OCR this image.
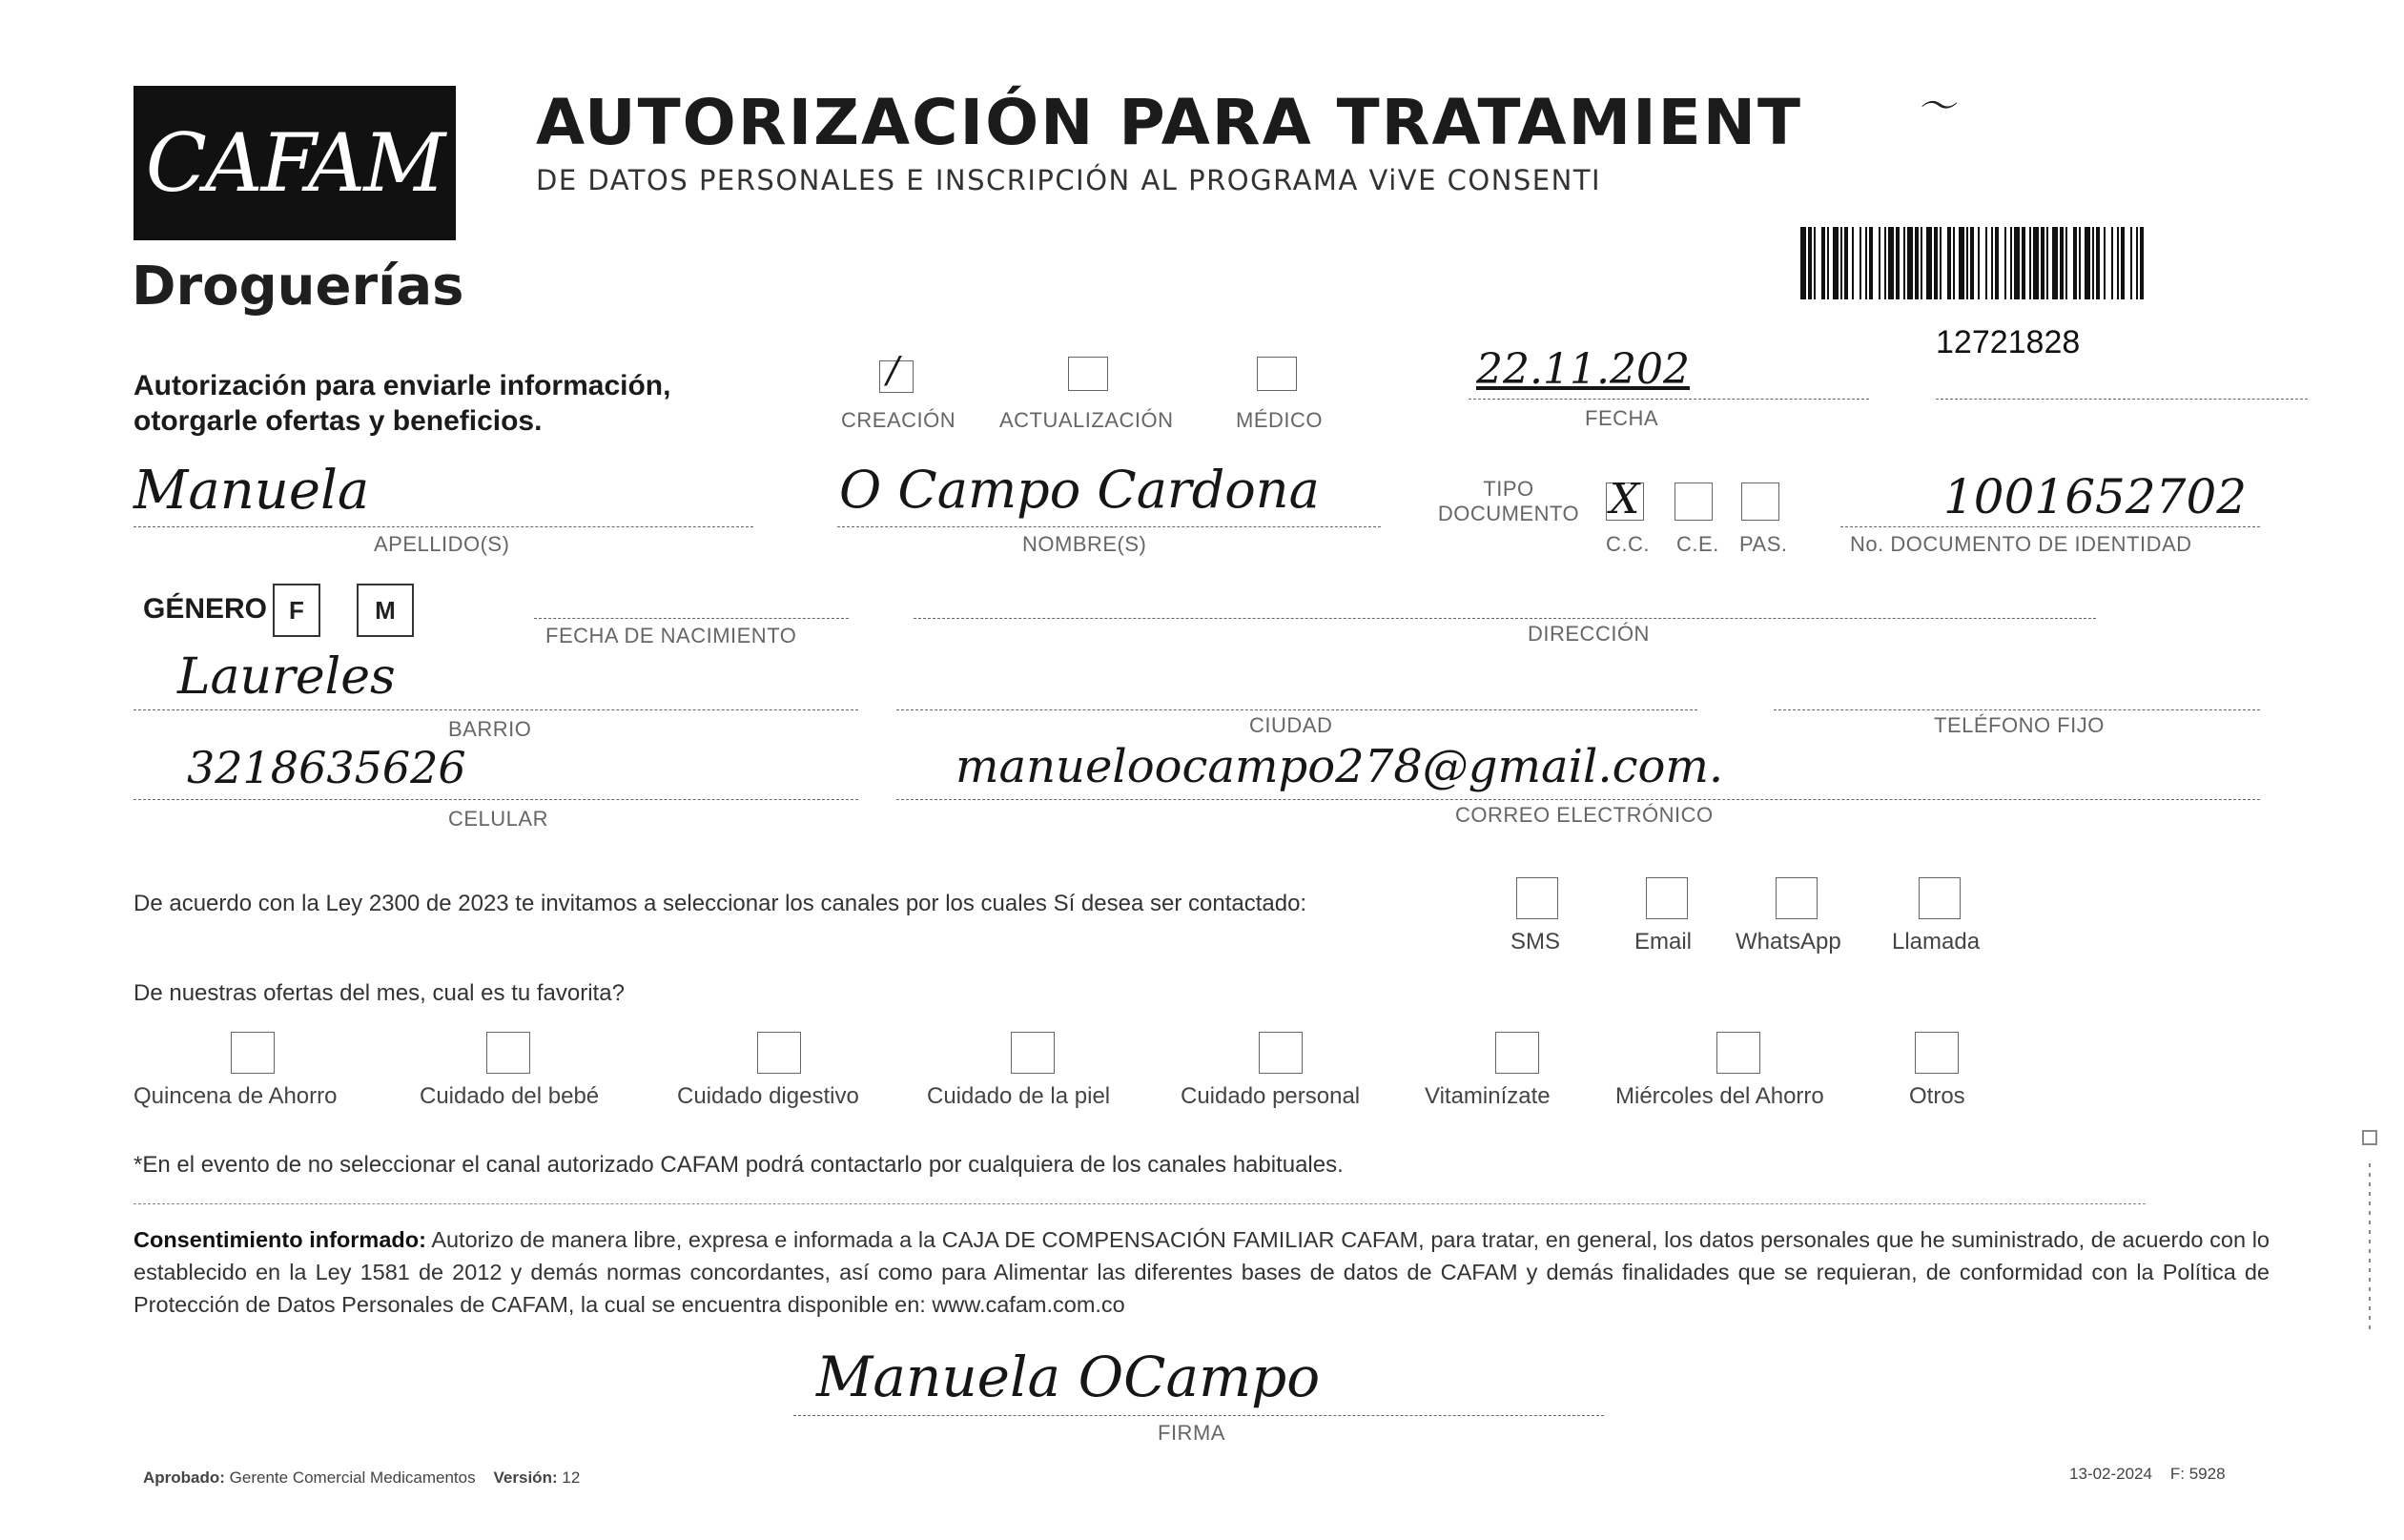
CAFAM
Droguerías
AUTORIZACIÓN PARA TRATAMIENT	〜
DE DATOS PERSONALES E INSCRIPCIÓN AL PROGRAMA ViVE CONSENTI
12721828
Autorización para enviarle información,
otorgarle ofertas y beneficios.
/
CREACIÓN ACTUALIZACIÓN	MÉDICO
22.11.202
FECHA
Manuela
APELLIDO(S)
O Campo Cardona
NOMBRE(S)
TIPO DOCUMENTO X
C.C. C.E. PAS.
1001652702
No. DOCUMENTO DE IDENTIDAD
GÉNERO F	M
FECHA DE NACIMIENTO	DIRECCIÓN
Laureles
BARRIO	CIUDAD	TELÉFONO FIJO
3218635626
CELULAR
manueloocampo278@gmail.com.
CORREO ELECTRÓNICO
De acuerdo con la Ley 2300 de 2023 te invitamos a seleccionar los canales por los cuales Sí desea ser contactado:
SMS	Email WhatsApp Llamada
De nuestras ofertas del mes, cual es tu favorita?
Quincena de Ahorro	Cuidado del bebé	Cuidado digestivo	Cuidado de la piel	Cuidado personal	Vitaminízate	Miércoles del Ahorro	Otros
*En el evento de no seleccionar el canal autorizado CAFAM podrá contactarlo por cualquiera de los canales habituales.
Consentimiento informado: Autorizo de manera libre, expresa e informada a la CAJA DE COMPENSACIÓN FAMILIAR CAFAM, para tratar, en general, los datos personales que he suministrado, de acuerdo con lo establecido en la Ley 1581 de 2012 y demás normas concordantes, así como para Alimentar las diferentes bases de datos de CAFAM y demás finalidades que se requieran, de conformidad con la Política de Protección de Datos Personales de CAFAM, la cual se encuentra disponible en: www.cafam.com.co
Manuela OCampo
FIRMA
Aprobado: Gerente Comercial Medicamentos Versión: 12	13-02-2024 F: 5928
